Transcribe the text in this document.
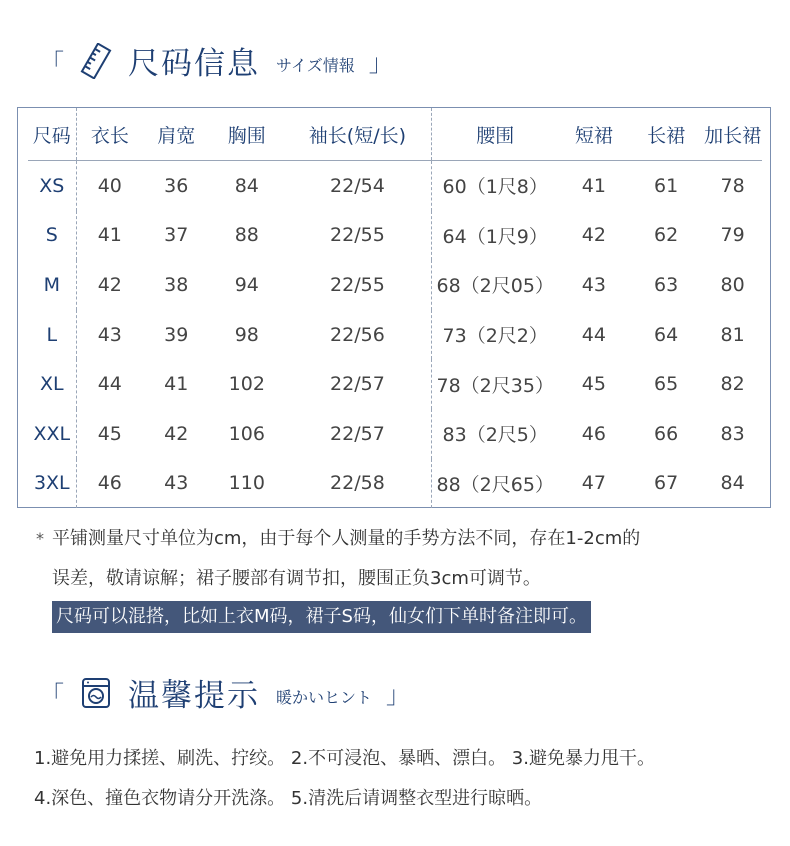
「 尺码信息 サイズ情報 」
尺码	衣长	肩宽	胸围	袖长(短/长)	腰围	短裙	长裙	加长裙
XS	40	36	84	22/54	60（1尺8）	41	61	78
S	41	37	88	22/55	64（1尺9）	42	62	79
M	42	38	94	22/55	68（2尺05）	43	63	80
L	43	39	98	22/56	73（2尺2）	44	64	81
XL	44	41	102	22/57	78（2尺35）	45	65	82
XXL	45	42	106	22/57	83（2尺5）	46	66	83
3XL	46	43	110	22/58	88（2尺65）	47	67	84
* 平铺测量尺寸单位为cm，由于每个人测量的手势方法不同，存在1-2cm的
误差，敬请谅解；裙子腰部有调节扣，腰围正负3cm可调节。
尺码可以混搭，比如上衣M码，裙子S码，仙女们下单时备注即可。
「 温馨提示 暖かいヒント 」
1.避免用力揉搓、刷洗、拧绞。 2.不可浸泡、暴晒、漂白。 3.避免暴力甩干。
4.深色、撞色衣物请分开洗涤。 5.清洗后请调整衣型进行晾晒。
